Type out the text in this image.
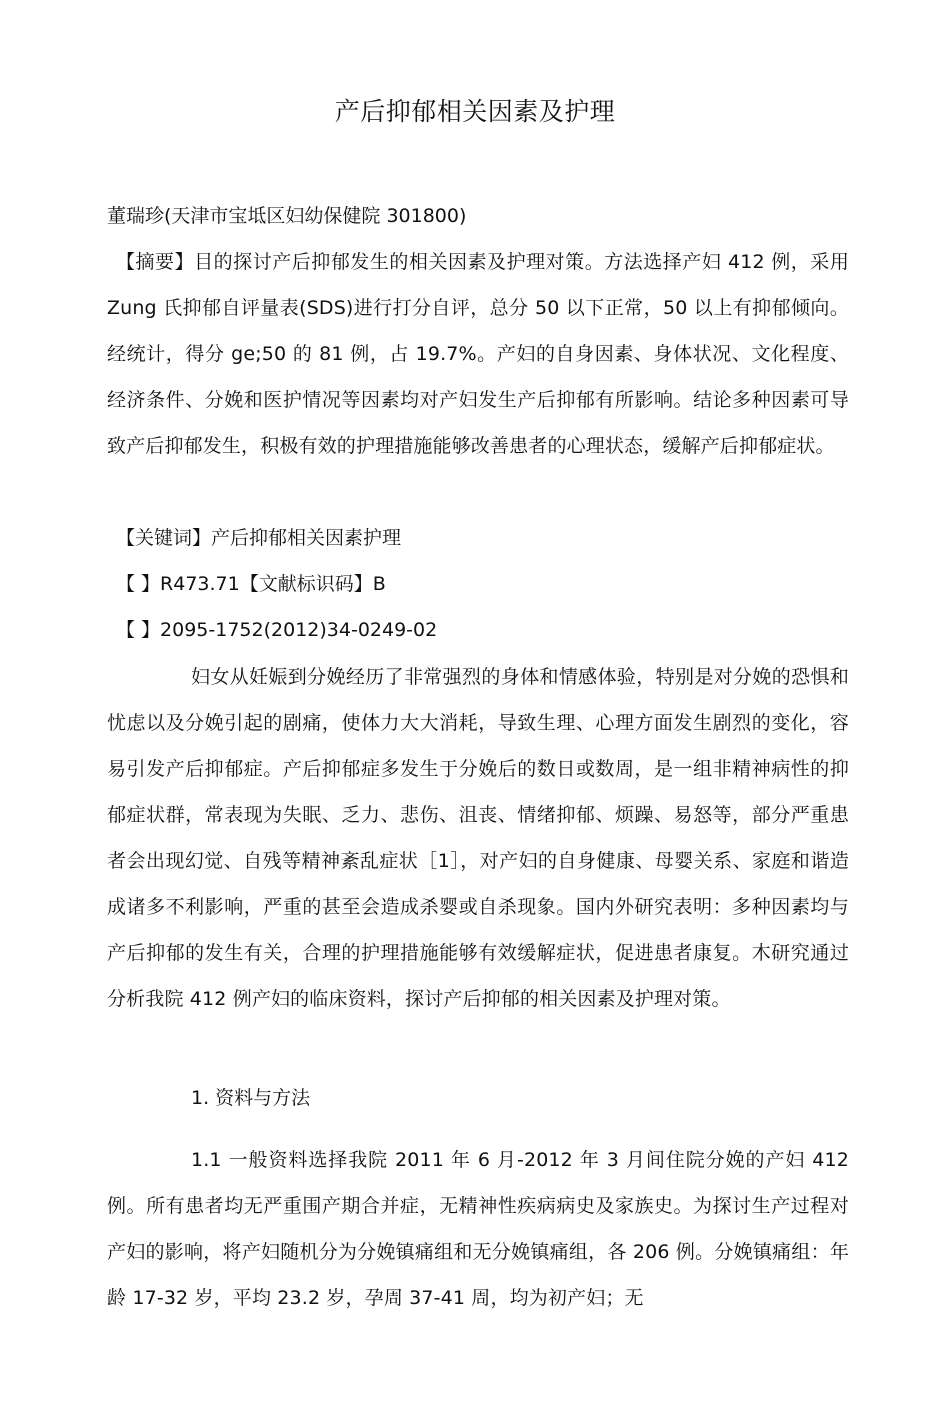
产后抑郁相关因素及护理
董瑞珍(天津市宝坻区妇幼保健院 301800)
【摘要】目的探讨产后抑郁发生的相关因素及护理对策。方法选择产妇 412 例，采用 Zung 氏抑郁自评量表(SDS)进行打分自评，总分 50 以下正常，50 以上有抑郁倾向。经统计，得分 ge;50 的 81 例，占 19.7%。产妇的自身因素、身体状况、文化程度、经济条件、分娩和医护情况等因素均对产妇发生产后抑郁有所影响。结论多种因素可导致产后抑郁发生，积极有效的护理措施能够改善患者的心理状态，缓解产后抑郁症状。
【关键词】产后抑郁相关因素护理
【 】R473.71【文献标识码】B
【 】2095-1752(2012)34-0249-02
妇女从妊娠到分娩经历了非常强烈的身体和情感体验，特别是对分娩的恐惧和忧虑以及分娩引起的剧痛，使体力大大消耗，导致生理、心理方面发生剧烈的变化，容易引发产后抑郁症。产后抑郁症多发生于分娩后的数日或数周，是一组非精神病性的抑郁症状群，常表现为失眠、乏力、悲伤、沮丧、情绪抑郁、烦躁、易怒等，部分严重患者会出现幻觉、自残等精神紊乱症状［1］，对产妇的自身健康、母婴关系、家庭和谐造成诸多不利影响，严重的甚至会造成杀婴或自杀现象。国内外研究表明：多种因素均与产后抑郁的发生有关，合理的护理措施能够有效缓解症状，促进患者康复。木研究通过分析我院 412 例产妇的临床资料，探讨产后抑郁的相关因素及护理对策。
1. 资料与方法
1.1 一般资料选择我院 2011 年 6 月-2012 年 3 月间住院分娩的产妇 412 例。所有患者均无严重围产期合并症，无精神性疾病病史及家族史。为探讨生产过程对产妇的影响，将产妇随机分为分娩镇痛组和无分娩镇痛组，各 206 例。分娩镇痛组：年龄 17-32 岁，平均 23.2 岁，孕周 37-41 周，均为初产妇；无
